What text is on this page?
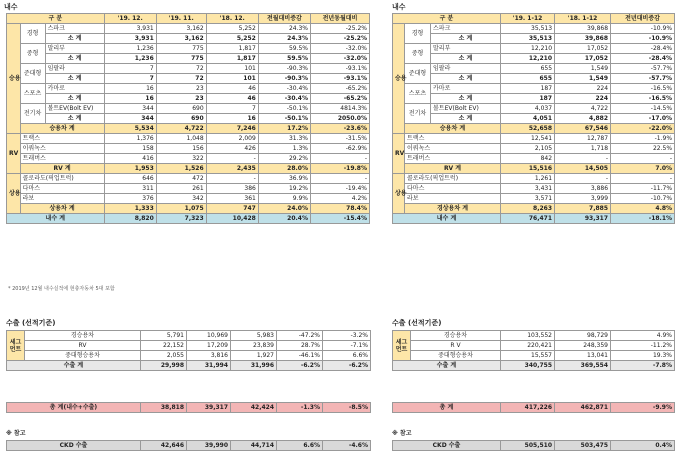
내수	내수
구 분			'19. 12.	'19. 11.	'18. 12.	전월대비증감	전년동월대비
승용	경형	스파크	3,931	3,162	5,252	24.3%	-25.2%
		소 계	3,931	3,162	5,252	24.3%	-25.2%
	중형	말리부	1,236	775	1,817	59.5%	-32.0%
		소 계	1,236	775	1,817	59.5%	-32.0%
	준대형	임팔라	7	72	101	-90.3%	-93.1%
		소 계	7	72	101	-90.3%	-93.1%
	스포츠	카마로	16	23	46	-30.4%	-65.2%
		소 계	16	23	46	-30.4%	-65.2%
	전기차	볼트EV(Bolt EV)	344	690	7	-50.1%	4814.3%
		소 계	344	690	16	-50.1%	2050.0%
	승용차 계		5,534	4,722	7,246	17.2%	-23.6%
RV	트랙스		1,376	1,048	2,009	31.3%	-31.5%
	이쿼녹스		158	156	426	1.3%	-62.9%
	트래버스		416	322	-	29.2%	-
	RV 계		1,953	1,526	2,435	28.0%	-19.8%
상용	콜로라도(픽업트럭)		646	472	-	36.9%	-
	다마스		311	261	386	19.2%	-19.4%
	라보		376	342	361	9.9%	4.2%
	상용차 계		1,333	1,075	747	24.0%	78.4%
내수 계			8,820	7,323	10,428	20.4%	-15.4%
구 분			'19. 1-12	'18. 1-12	전년대비증감
승용	경형	스파크	35,513	39,868	-10.9%
		소 계	35,513	39,868	-10.9%
	중형	말리부	12,210	17,052	-28.4%
		소 계	12,210	17,052	-28.4%
	준대형	임팔라	655	1,549	-57.7%
		소 계	655	1,549	-57.7%
	스포츠	카마로	187	224	-16.5%
		소 계	187	224	-16.5%
	전기차	볼트EV(Bolt EV)	4,037	4,722	-14.5%
		소 계	4,051	4,882	-17.0%
	승용차 계		52,658	67,546	-22.0%
RV	트랙스		12,541	12,787	-1.9%
	이쿼녹스		2,105	1,718	22.5%
	트래버스		842	-	-
	RV 계		15,516	14,505	7.0%
상용	콜로라도(픽업트럭)		1,261	-	-
	다마스		3,431	3,886	-11.7%
	라보		3,571	3,999	-10.7%
	경상용차 계		8,263	7,885	4.8%
내수 계			76,471	93,317	-18.1%
* 2019년 12월 내수실적에 현충자동차 5대 포함
수출 (선적기준)	수출 (선적기준)
세그먼트	경승용차	5,791	10,969	5,983	-47.2%	-3.2%
	RV	22,152	17,209	23,839	28.7%	-7.1%
	중대형승용차	2,055	3,816	1,927	-46.1%	6.6%
수출 계		29,998	31,994	31,996	-6.2%	-6.2%
세그먼트	경승용차	103,552	98,729	4.9%
	R V	220,421	248,359	-11.2%
	중대형승용차	15,557	13,041	19.3%
수출 계		340,755	369,554	-7.8%
총 계(내수+수출)	38,818	39,317	42,424	-1.3%	-8.5%	총 계	417,226	462,871	-9.9%
※ 참고	※ 참고
CKD 수출	42,646	39,990	44,714	6.6%	-4.6%	CKD 수출	505,510	503,475	0.4%
